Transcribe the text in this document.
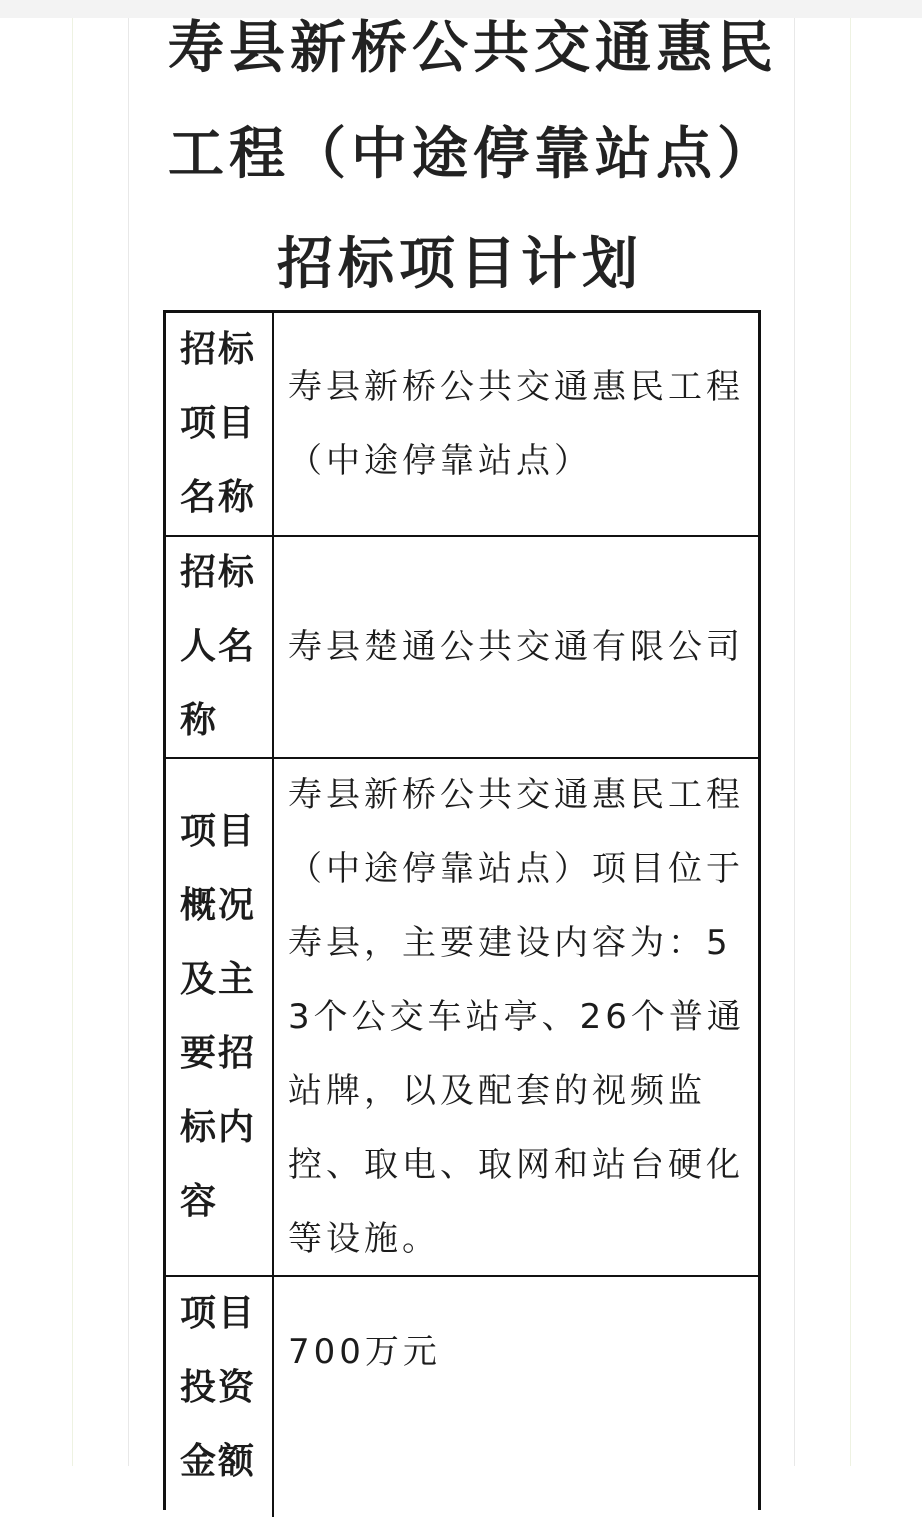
寿县新桥公共交通惠民
工程（中途停靠站点）
招标项目计划
招标项目名称
寿县新桥公共交通惠民工程（中途停靠站点）
招标人名称
寿县楚通公共交通有限公司
项目概况及主要招标内容
寿县新桥公共交通惠民工程（中途停靠站点）项目位于寿县，主要建设内容为：53个公交车站亭、26个普通站牌，以及配套的视频监控、取电、取网和站台硬化等设施。
项目投资金额
700万元
